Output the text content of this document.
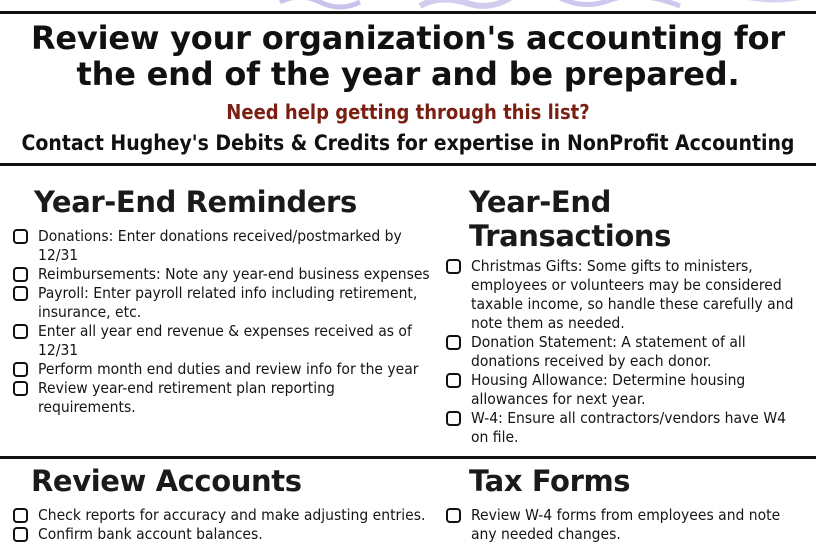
Review your organization's accounting for the end of the year and be prepared.
Need help getting through this list?
Contact Hughey's Debits & Credits for expertise in NonProfit Accounting
Year-End Reminders
Donations: Enter donations received/postmarked by 12/31
Reimbursements: Note any year-end business expenses
Payroll: Enter payroll related info including retirement, insurance, etc.
Enter all year end revenue & expenses received as of 12/31
Perform month end duties and review info for the year
Review year-end retirement plan reporting requirements.
Year-End Transactions
Christmas Gifts: Some gifts to ministers, employees or volunteers may be considered taxable income, so handle these carefully and note them as needed.
Donation Statement: A statement of all donations received by each donor.
Housing Allowance: Determine housing allowances for next year.
W-4: Ensure all contractors/vendors have W4 on file.
Review Accounts
Check reports for accuracy and make adjusting entries.
Confirm bank account balances.
Tax Forms
Review W-4 forms from employees and note any needed changes.
